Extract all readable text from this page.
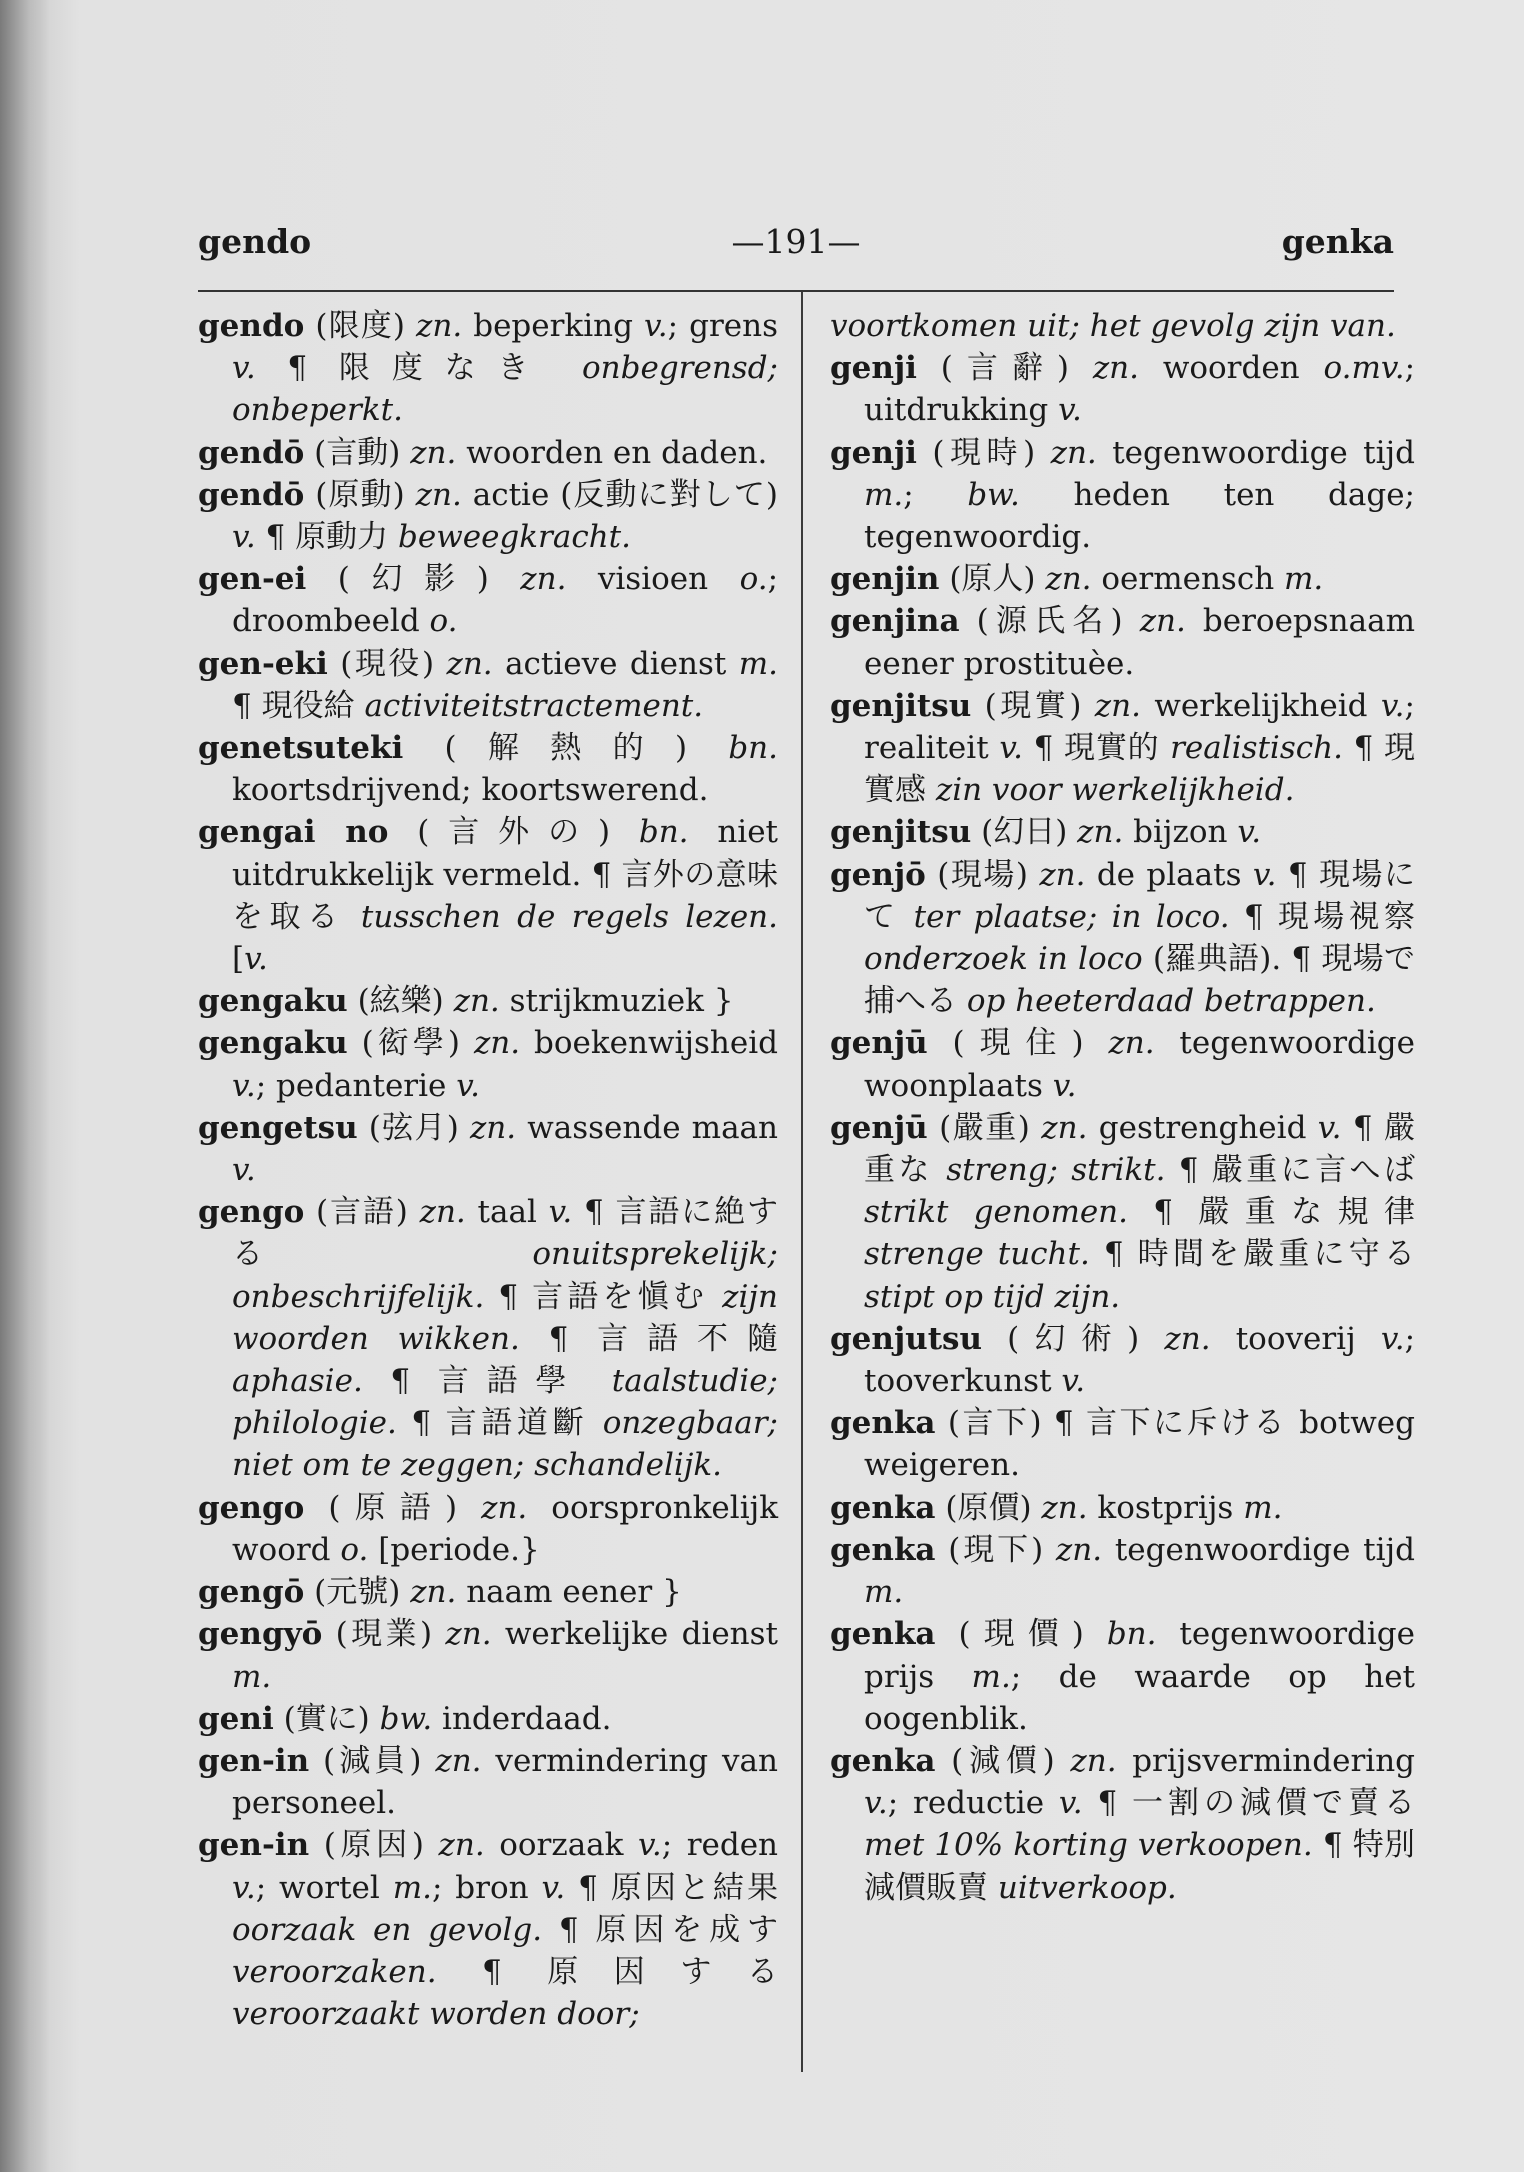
gendo	—191—	genka

gendo (限度) zn. beperking v.; grens v. ¶ 限度なき onbegrensd; onbeperkt.

gendō (言動) zn. woorden en daden.

gendō (原動) zn. actie (反動に對して) v. ¶ 原動力 beweegkracht.

gen-ei (幻影) zn. visioen o.; droombeeld o.

gen-eki (現役) zn. actieve dienst m. ¶ 現役給 activiteitstractement.

genetsuteki (解熱的) bn. koortsdrijvend; koortswerend.

gengai no (言外の) bn. niet uitdrukkelijk vermeld. ¶ 言外の意味を取る tusschen de regels lezen. [v.

gengaku (絃樂) zn. strijkmuziek }

gengaku (衒學) zn. boekenwijsheid v.; pedanterie v.

gengetsu (弦月) zn. wassende maan v.

gengo (言語) zn. taal v. ¶ 言語に絶する onuitsprekelijk; onbeschrijfelijk. ¶ 言語を愼む zijn woorden wikken. ¶ 言語不隨 aphasie. ¶ 言語學 taalstudie; philologie. ¶ 言語道斷 onzegbaar; niet om te zeggen; schandelijk.

gengo (原語) zn. oorspronkelijk woord o. [periode.}

gengō (元號) zn. naam eener }

gengyō (現業) zn. werkelijke dienst m.

geni (實に) bw. inderdaad.

gen-in (減員) zn. vermindering van personeel.

gen-in (原因) zn. oorzaak v.; reden v.; wortel m.; bron v. ¶ 原因と結果 oorzaak en gevolg. ¶ 原因を成す veroorzaken. ¶ 原因する veroorzaakt worden door;

voortkomen uit; het gevolg zijn van.

genji (言辭) zn. woorden o.mv.; uitdrukking v.

genji (現時) zn. tegenwoordige tijd m.; bw. heden ten dage; tegenwoordig.

genjin (原人) zn. oermensch m.

genjina (源氏名) zn. beroepsnaam eener prostituèe.

genjitsu (現實) zn. werkelijkheid v.; realiteit v. ¶ 現實的 realistisch. ¶ 現實感 zin voor werkelijkheid.

genjitsu (幻日) zn. bijzon v.

genjō (現場) zn. de plaats v. ¶ 現場にて ter plaatse; in loco. ¶ 現場視察 onderzoek in loco (羅典語). ¶ 現場で捕へる op heeterdaad betrappen.

genjū (現住) zn. tegenwoordige woonplaats v.

genjū (嚴重) zn. gestrengheid v. ¶ 嚴重な streng; strikt. ¶ 嚴重に言へば strikt genomen. ¶ 嚴重な規律 strenge tucht. ¶ 時間を嚴重に守る stipt op tijd zijn.

genjutsu (幻術) zn. tooverij v.; tooverkunst v.

genka (言下) ¶ 言下に斥ける botweg weigeren.

genka (原價) zn. kostprijs m.

genka (現下) zn. tegenwoordige tijd m.

genka (現價) bn. tegenwoordige prijs m.; de waarde op het oogenblik.

genka (減價) zn. prijsvermindering v.; reductie v. ¶ 一割の減價で賣る met 10% korting verkoopen. ¶ 特別減價販賣 uitverkoop.
